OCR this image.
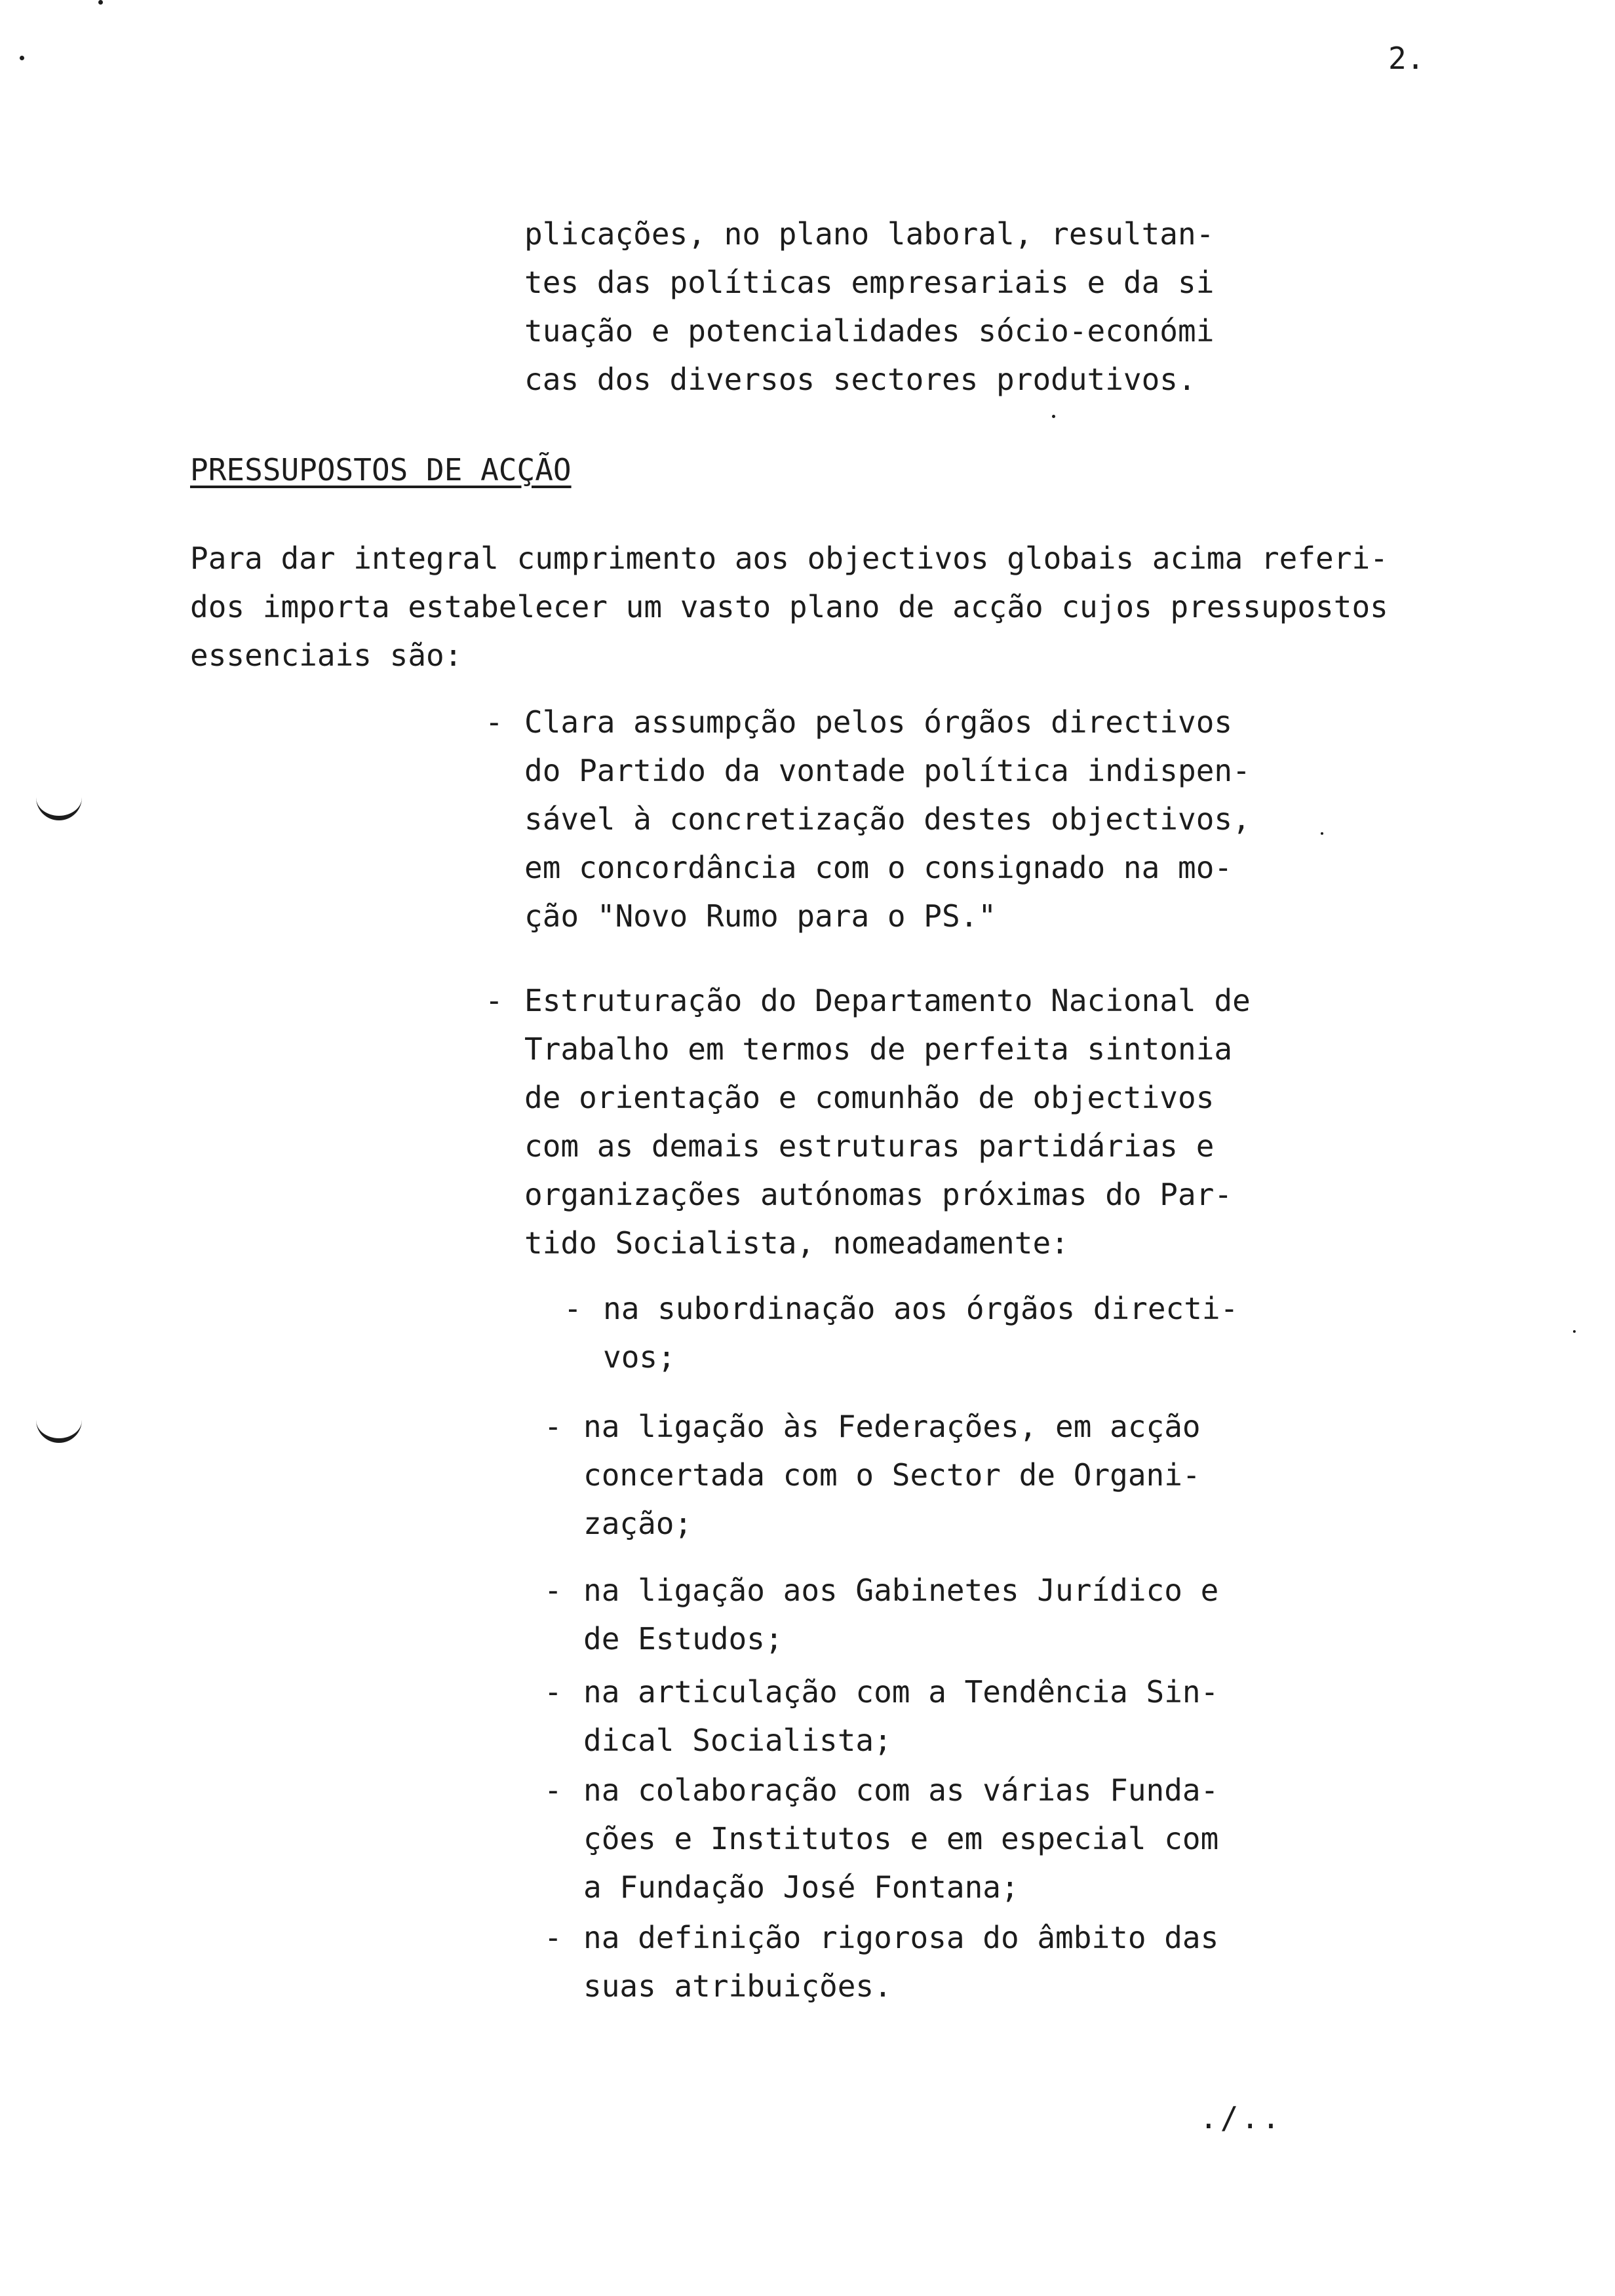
2.
plicações, no plano laboral, resultan-
tes das políticas empresariais e da si
tuação e potencialidades sócio-económi
cas dos diversos sectores produtivos.
PRESSUPOSTOS DE ACÇÃO
Para dar integral cumprimento aos objectivos globais acima referi-
dos importa estabelecer um vasto plano de acção cujos pressupostos
essenciais são:
- Clara assumpção pelos órgãos directivos
do Partido da vontade política indispen-
sável à concretização destes objectivos,
em concordância com o consignado na mo-
ção "Novo Rumo para o PS."
- Estruturação do Departamento Nacional de
Trabalho em termos de perfeita sintonia
de orientação e comunhão de objectivos
com as demais estruturas partidárias e
organizações autónomas próximas do Par-
tido Socialista, nomeadamente:
- na subordinação aos órgãos directi-
vos;
- na ligação às Federações, em acção
concertada com o Sector de Organi-
zação;
- na ligação aos Gabinetes Jurídico e
de Estudos;
- na articulação com a Tendência Sin-
dical Socialista;
- na colaboração com as várias Funda-
ções e Institutos e em especial com
a Fundação José Fontana;
- na definição rigorosa do âmbito das
suas atribuições.
./..
